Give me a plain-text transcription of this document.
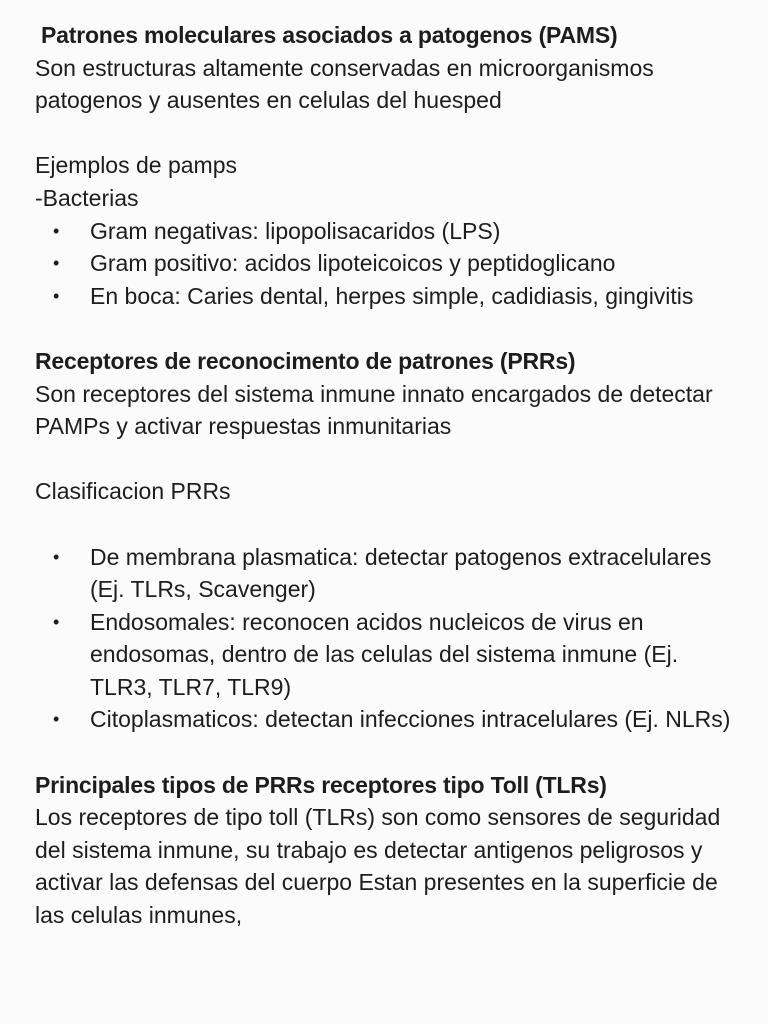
Patrones moleculares asociados a patogenos (PAMS)

Son estructuras altamente conservadas en microorganismos patogenos y ausentes en celulas del huesped

Ejemplos de pamps

-Bacterias

• Gram negativas: lipopolisacaridos (LPS)
• Gram positivo: acidos lipoteicoicos y peptidoglicano
• En boca: Caries dental, herpes simple, cadidiasis, gingivitis

Receptores de reconocimento de patrones (PRRs)

Son receptores del sistema inmune innato encargados de detectar PAMPs y activar respuestas inmunitarias

Clasificacion PRRs

• De membrana plasmatica: detectar patogenos extracelulares (Ej. TLRs, Scavenger)
• Endosomales: reconocen acidos nucleicos de virus en endosomas, dentro de las celulas del sistema inmune (Ej. TLR3, TLR7, TLR9)
• Citoplasmaticos: detectan infecciones intracelulares (Ej. NLRs)

Principales tipos de PRRs receptores tipo Toll (TLRs)

Los receptores de tipo toll (TLRs) son como sensores de seguridad del sistema inmune, su trabajo es detectar antigenos peligrosos y activar las defensas del cuerpo Estan presentes en la superficie de las celulas inmunes,
